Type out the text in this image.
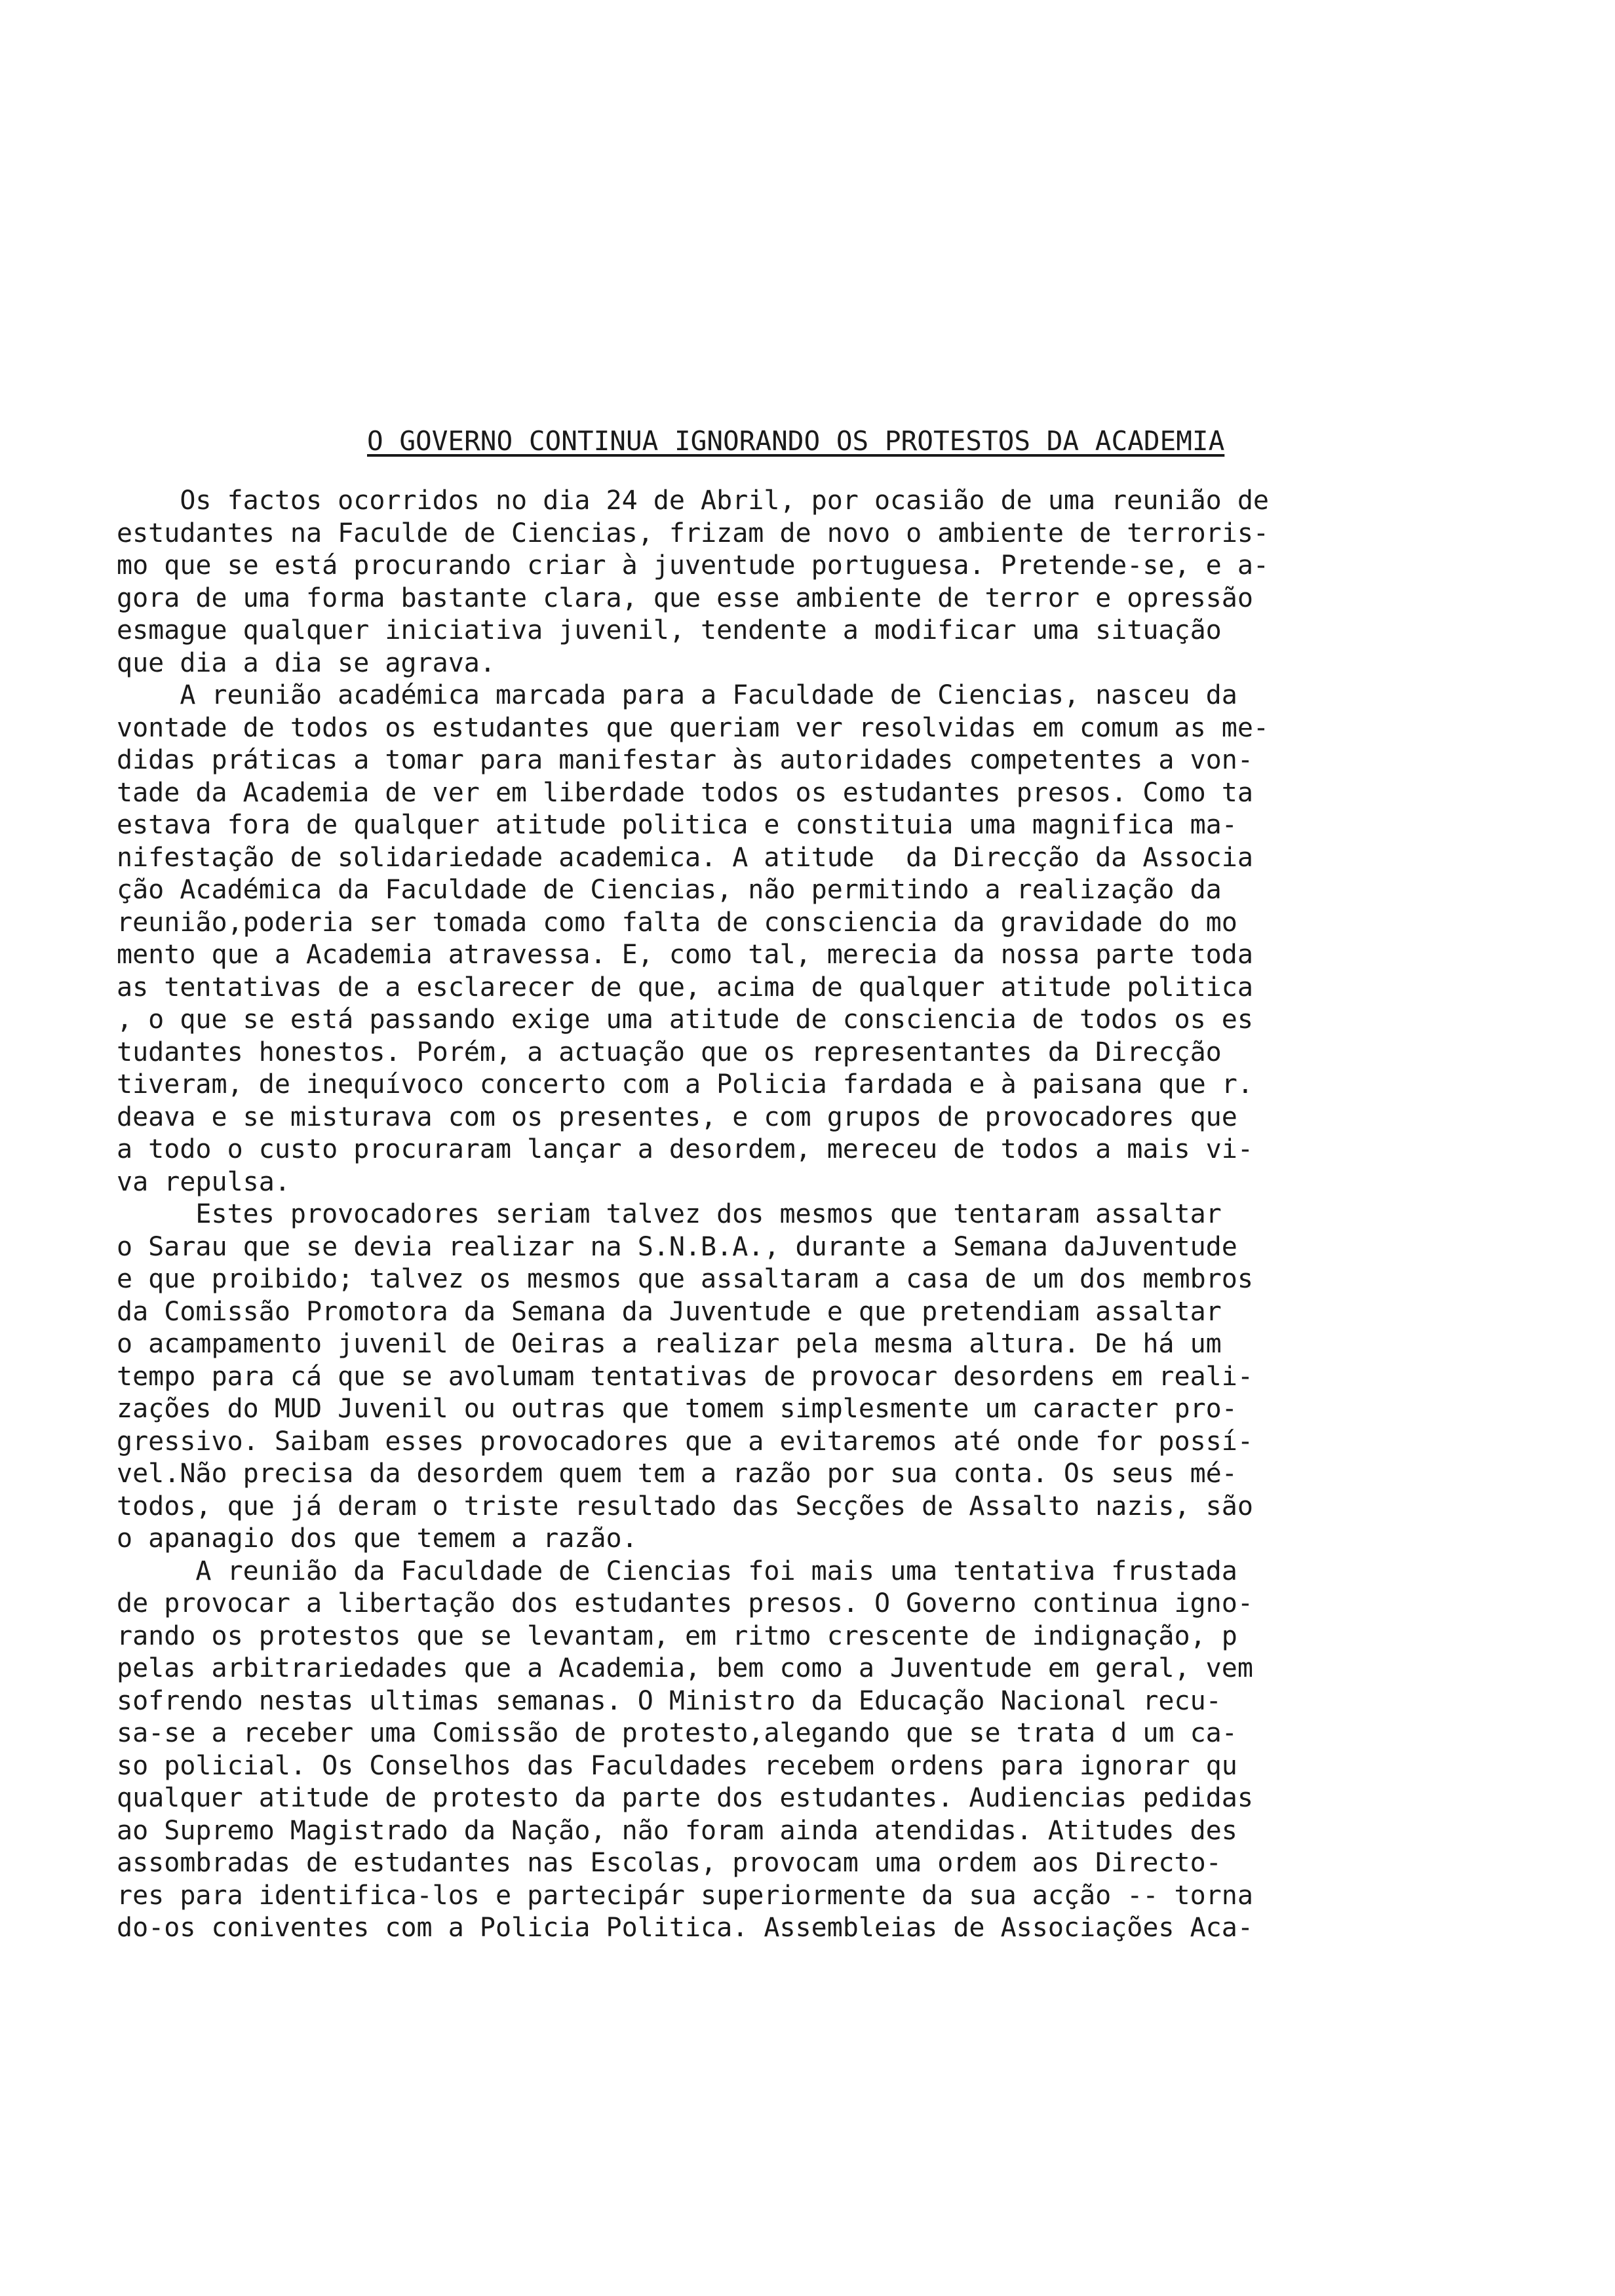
O GOVERNO CONTINUA IGNORANDO OS PROTESTOS DA ACADEMIA
Os factos ocorridos no dia 24 de Abril, por ocasião de uma reunião de
estudantes na Faculde de Ciencias, frizam de novo o ambiente de terroris-
mo que se está procurando criar à juventude portuguesa. Pretende-se, e a-
gora de uma forma bastante clara, que esse ambiente de terror e opressão
esmague qualquer iniciativa juvenil, tendente a modificar uma situação
que dia a dia se agrava.
A reunião académica marcada para a Faculdade de Ciencias, nasceu da
vontade de todos os estudantes que queriam ver resolvidas em comum as me-
didas práticas a tomar para manifestar às autoridades competentes a von-
tade da Academia de ver em liberdade todos os estudantes presos. Como ta
estava fora de qualquer atitude politica e constituia uma magnifica ma-
nifestação de solidariedade academica. A atitude  da Direcção da Associa
ção Académica da Faculdade de Ciencias, não permitindo a realização da
reunião,poderia ser tomada como falta de consciencia da gravidade do mo
mento que a Academia atravessa. E, como tal, merecia da nossa parte toda
as tentativas de a esclarecer de que, acima de qualquer atitude politica
, o que se está passando exige uma atitude de consciencia de todos os es
tudantes honestos. Porém, a actuação que os representantes da Direcção
tiveram, de inequívoco concerto com a Policia fardada e à paisana que r.
deava e se misturava com os presentes, e com grupos de provocadores que
a todo o custo procuraram lançar a desordem, mereceu de todos a mais vi-
va repulsa.
Estes provocadores seriam talvez dos mesmos que tentaram assaltar
o Sarau que se devia realizar na S.N.B.A., durante a Semana daJuventude
e que proibido; talvez os mesmos que assaltaram a casa de um dos membros
da Comissão Promotora da Semana da Juventude e que pretendiam assaltar
o acampamento juvenil de Oeiras a realizar pela mesma altura. De há um
tempo para cá que se avolumam tentativas de provocar desordens em reali-
zações do MUD Juvenil ou outras que tomem simplesmente um caracter pro-
gressivo. Saibam esses provocadores que a evitaremos até onde for possí-
vel.Não precisa da desordem quem tem a razão por sua conta. Os seus mé-
todos, que já deram o triste resultado das Secções de Assalto nazis, são
o apanagio dos que temem a razão.
A reunião da Faculdade de Ciencias foi mais uma tentativa frustada
de provocar a libertação dos estudantes presos. O Governo continua igno-
rando os protestos que se levantam, em ritmo crescente de indignação, p
pelas arbitrariedades que a Academia, bem como a Juventude em geral, vem
sofrendo nestas ultimas semanas. O Ministro da Educação Nacional recu-
sa-se a receber uma Comissão de protesto,alegando que se trata d um ca-
so policial. Os Conselhos das Faculdades recebem ordens para ignorar qu
qualquer atitude de protesto da parte dos estudantes. Audiencias pedidas
ao Supremo Magistrado da Nação, não foram ainda atendidas. Atitudes des
assombradas de estudantes nas Escolas, provocam uma ordem aos Directo-
res para identifica-los e partecipár superiormente da sua acção -- torna
do-os coniventes com a Policia Politica. Assembleias de Associações Aca-
